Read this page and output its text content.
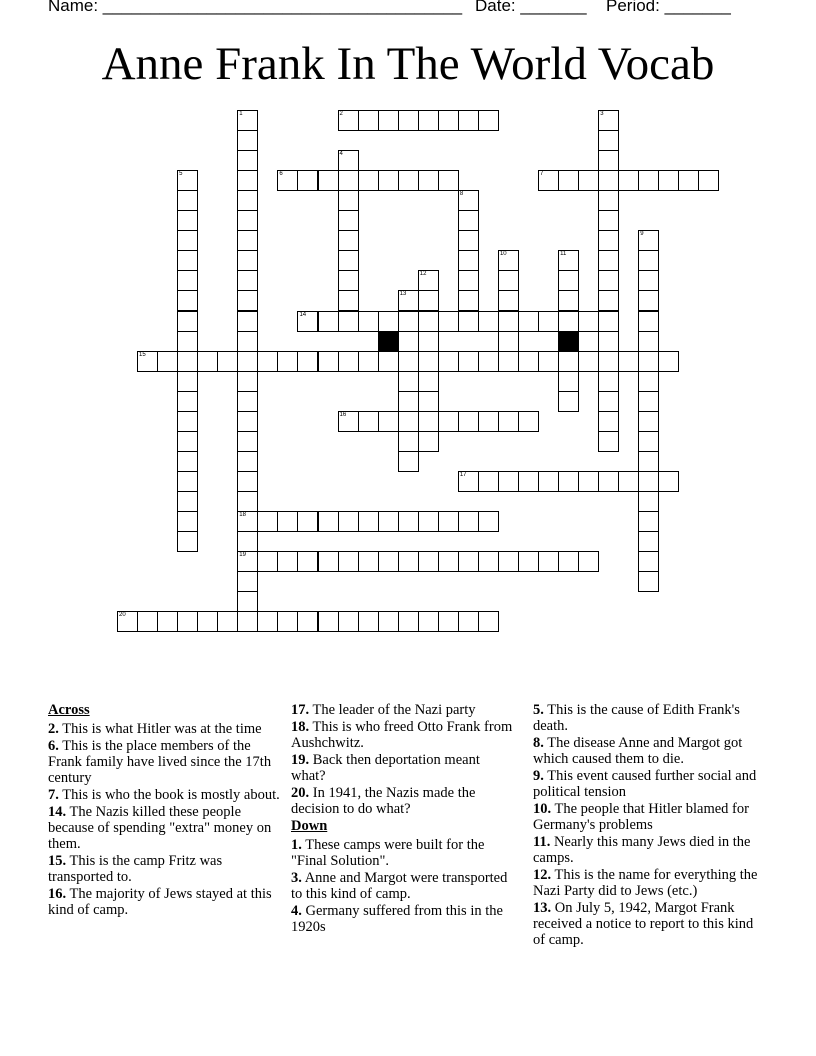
Name: ______________________________________ Date: _______ Period: _______
Anne Frank In The World Vocab
1
18
19
2	3
4
5	6	7
8
9
10	11
12
13
14
15
16
17
20
Across
2. This is what Hitler was at the time
6. This is the place members of the Frank family have lived since the 17th century
7. This is who the book is mostly about.
14. The Nazis killed these people because of spending "extra" money on them.
15. This is the camp Fritz was transported to.
16. The majority of Jews stayed at this kind of camp.
17. The leader of the Nazi party
18. This is who freed Otto Frank from Aushchwitz.
19. Back then deportation meant what?
20. In 1941, the Nazis made the decision to do what?
Down
1. These camps were built for the "Final Solution".
3. Anne and Margot were transported to this kind of camp.
4. Germany suffered from this in the 1920s
5. This is the cause of Edith Frank's death.
8. The disease Anne and Margot got which caused them to die.
9. This event caused further social and political tension
10. The people that Hitler blamed for Germany's problems
11. Nearly this many Jews died in the camps.
12. This is the name for everything the Nazi Party did to Jews (etc.)
13. On July 5, 1942, Margot Frank received a notice to report to this kind of camp.
